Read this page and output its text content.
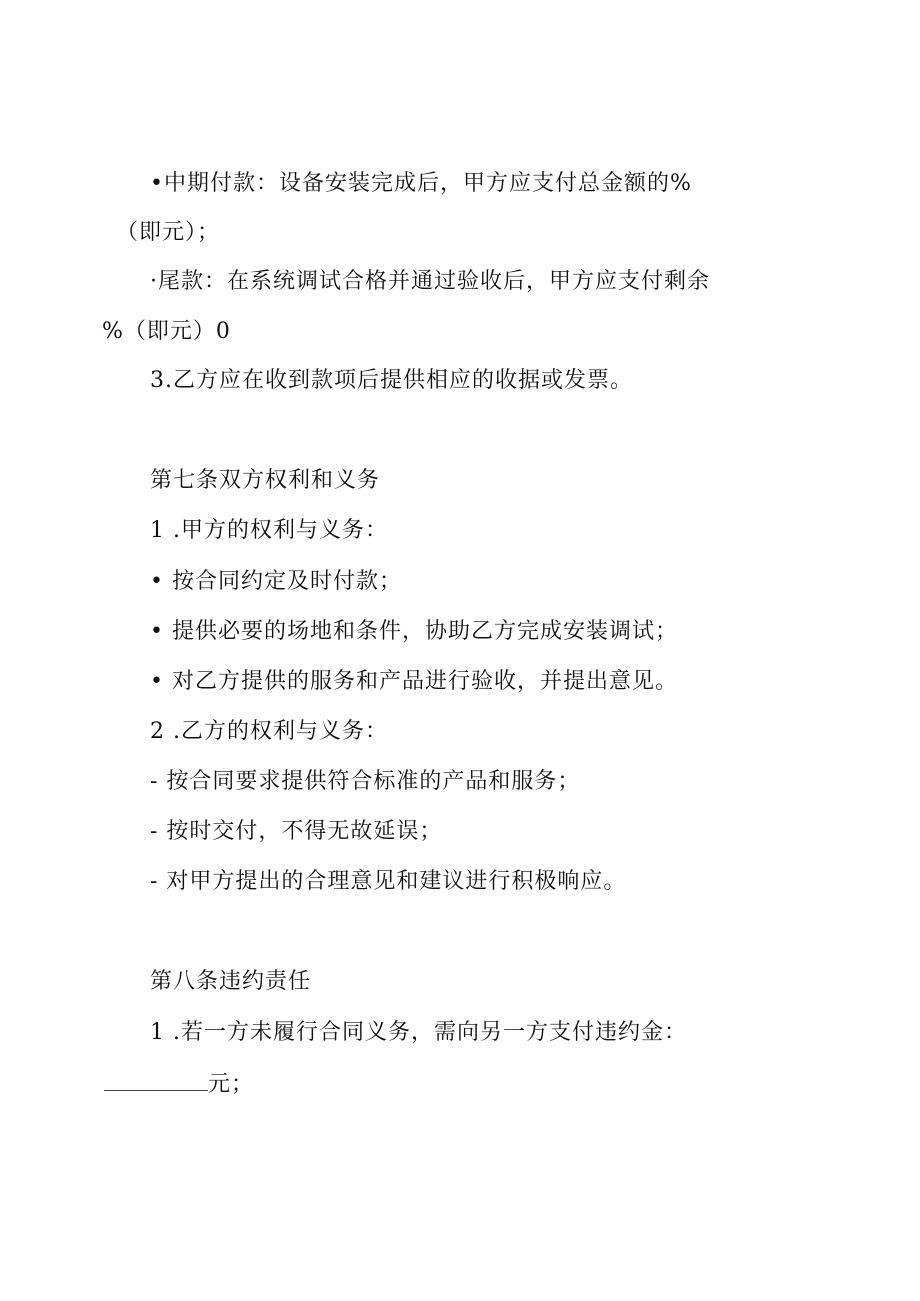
•中期付款：设备安装完成后，甲方应支付总金额的%
（即元）；
·尾款：在系统调试合格并通过验收后，甲方应支付剩余
%（即元）0
3.乙方应在收到款项后提供相应的收据或发票。
第七条双方权利和义务
1 .甲方的权利与义务：
• 按合同约定及时付款；
• 提供必要的场地和条件，协助乙方完成安装调试；
• 对乙方提供的服务和产品进行验收，并提出意见。
2 .乙方的权利与义务：
- 按合同要求提供符合标准的产品和服务；
- 按时交付，不得无故延误；
- 对甲方提出的合理意见和建议进行积极响应。
第八条违约责任
1 .若一方未履行合同义务，需向另一方支付违约金：
元；
